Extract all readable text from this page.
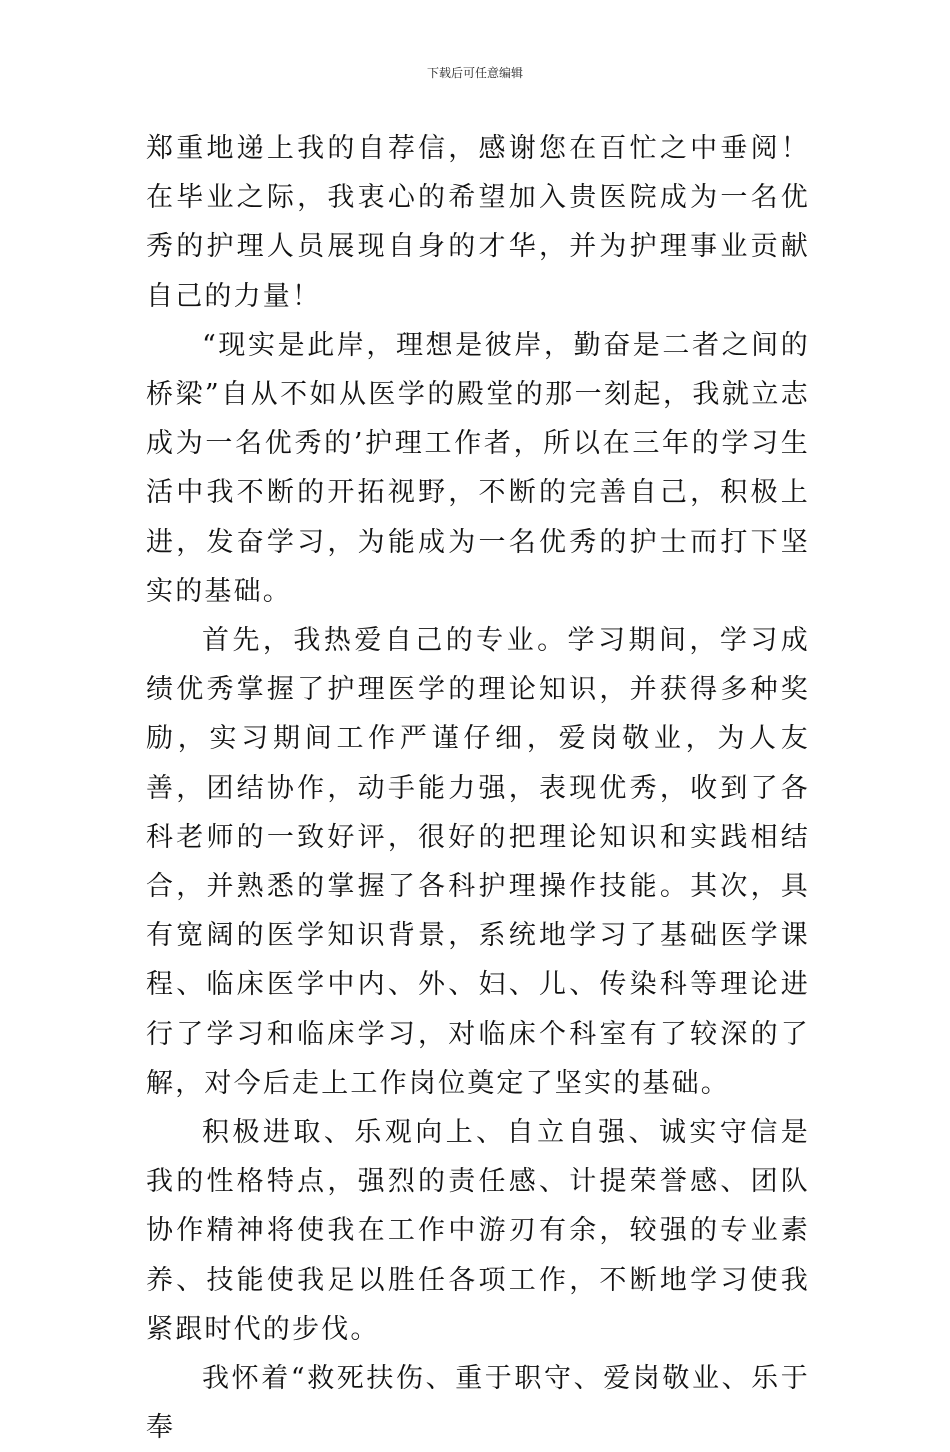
下载后可任意编辑

郑重地递上我的自荐信，感谢您在百忙之中垂阅！在毕业之际，我衷心的希望加入贵医院成为一名优秀的护理人员展现自身的才华，并为护理事业贡献自己的力量！

“现实是此岸，理想是彼岸，勤奋是二者之间的桥梁”自从不如从医学的殿堂的那一刻起，我就立志成为一名优秀的’护理工作者，所以在三年的学习生活中我不断的开拓视野，不断的完善自己，积极上进，发奋学习，为能成为一名优秀的护士而打下坚实的基础。

首先，我热爱自己的专业。学习期间，学习成绩优秀掌握了护理医学的理论知识，并获得多种奖励，实习期间工作严谨仔细，爱岗敬业，为人友善，团结协作，动手能力强，表现优秀，收到了各科老师的一致好评，很好的把理论知识和实践相结合，并熟悉的掌握了各科护理操作技能。其次，具有宽阔的医学知识背景，系统地学习了基础医学课程、临床医学中内、外、妇、儿、传染科等理论进行了学习和临床学习，对临床个科室有了较深的了解，对今后走上工作岗位奠定了坚实的基础。

积极进取、乐观向上、自立自强、诚实守信是我的性格特点，强烈的责任感、计提荣誉感、团队协作精神将使我在工作中游刃有余，较强的专业素养、技能使我足以胜任各项工作，不断地学习使我紧跟时代的步伐。

我怀着“救死扶伤、重于职守、爱岗敬业、乐于奉
